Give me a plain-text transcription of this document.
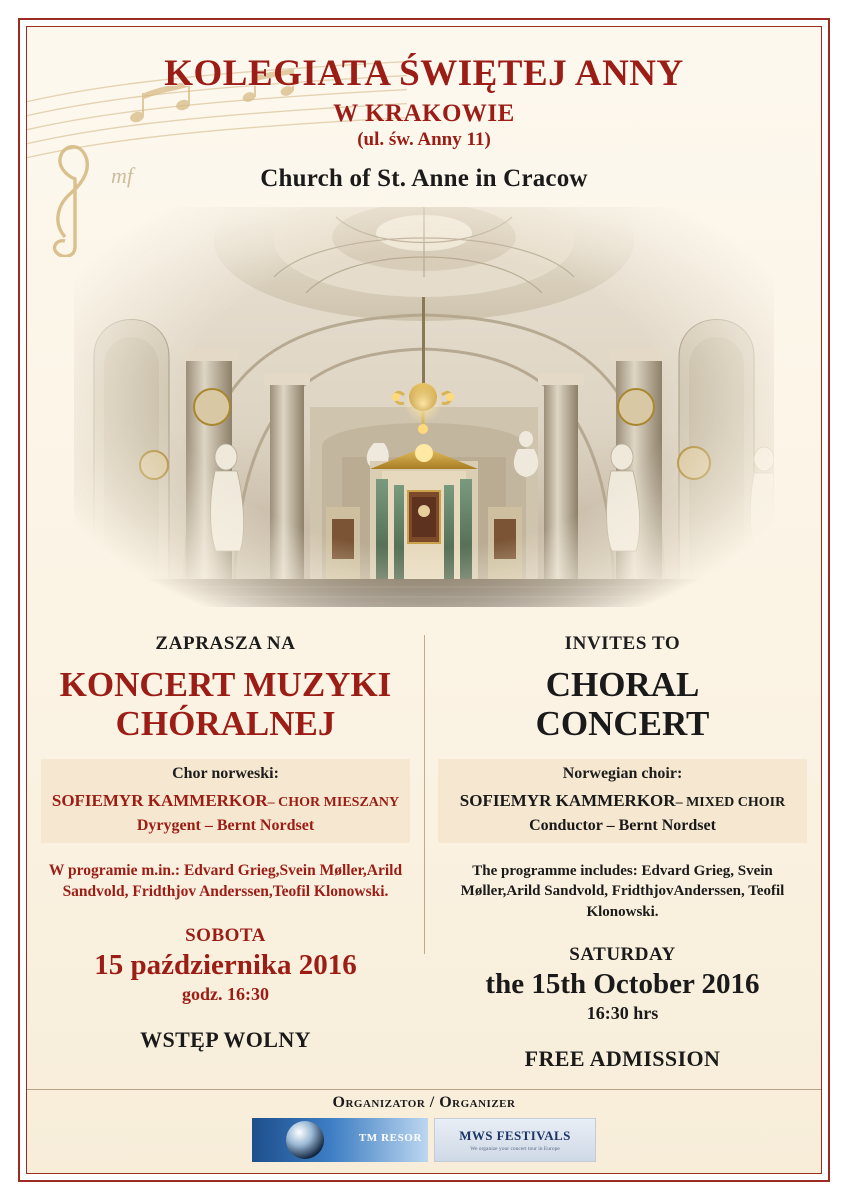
mf
KOLEGIATA ŚWIĘTEJ ANNY
W KRAKOWIE
(ul. św. Anny 11)
Church of St. Anne in Cracow
ZAPRASZA NA
KONCERT MUZYKI
CHÓRALNEJ
Chor norweski:
SOFIEMYR KAMMERKOR– CHOR MIESZANY
Dyrygent – Bernt Nordset
W programie m.in.: Edvard Grieg,Svein Møller,Arild Sandvold, Fridthjov Anderssen,Teofil Klonowski.
SOBOTA
15 października 2016
godz. 16:30
WSTĘP WOLNY
INVITES TO
CHORAL
CONCERT
Norwegian choir:
SOFIEMYR KAMMERKOR– MIXED CHOIR
Conductor – Bernt Nordset
The programme includes: Edvard Grieg, Svein Møller,Arild Sandvold, FridthjovAnderssen, Teofil Klonowski.
SATURDAY
the 15th October 2016
16:30 hrs
FREE ADMISSION
Organizator / Organizer
TM RESOR	MWS FESTIVALS
We organize your concert tour in Europe
